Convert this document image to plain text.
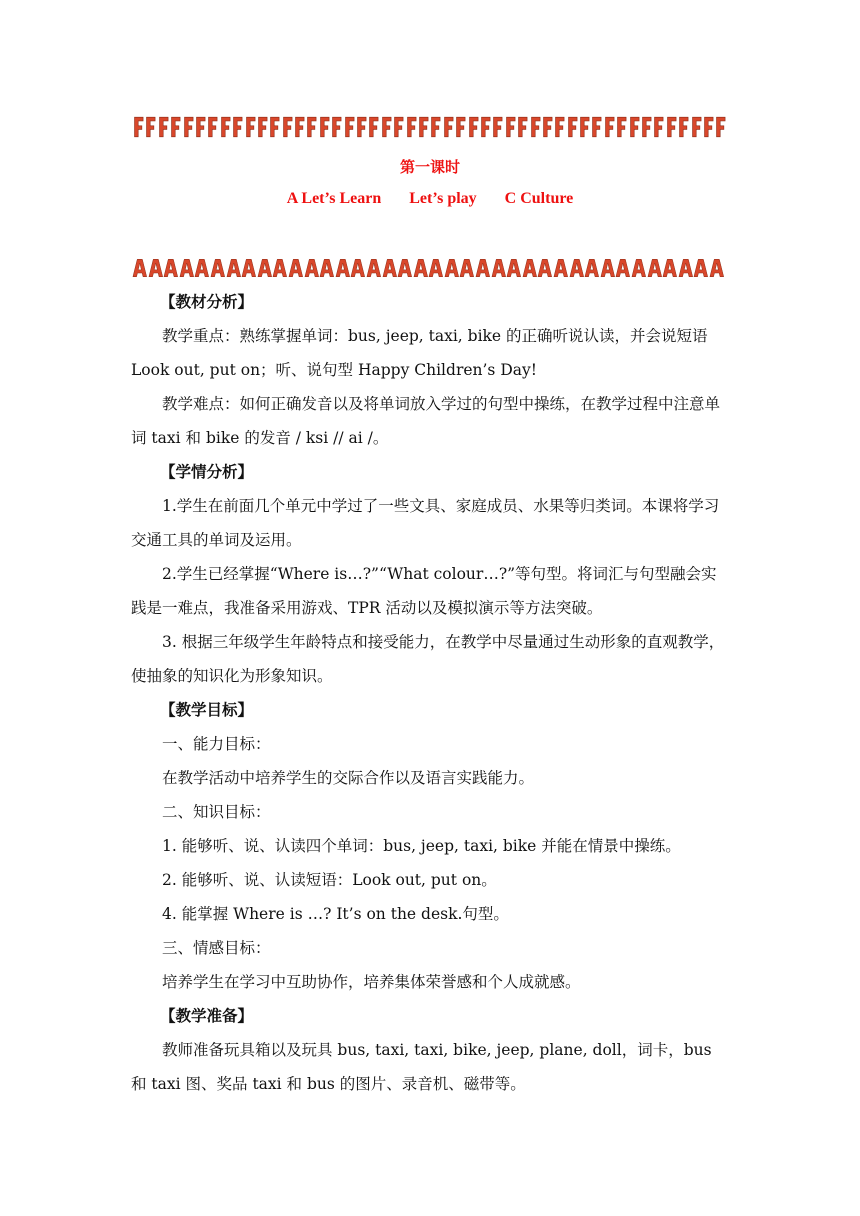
第一课时
A Let’s Learn Let’s play C Culture

【教材分析】

教学重点：熟练掌握单词：bus, jeep, taxi, bike 的正确听说认读，并会说短语 Look out, put on；听、说句型 Happy Children’s Day!

教学难点：如何正确发音以及将单词放入学过的句型中操练，在教学过程中注意单词 taxi 和 bike 的发音 / ksi // ai /。

【学情分析】

1.学生在前面几个单元中学过了一些文具、家庭成员、水果等归类词。本课将学习交通工具的单词及运用。

2.学生已经掌握“Where is…?”“What colour…?”等句型。将词汇与句型融会实践是一难点，我准备采用游戏、TPR 活动以及模拟演示等方法突破。

3. 根据三年级学生年龄特点和接受能力，在教学中尽量通过生动形象的直观教学，使抽象的知识化为形象知识。

【教学目标】

一、能力目标：

在教学活动中培养学生的交际合作以及语言实践能力。

二、知识目标：

1. 能够听、说、认读四个单词：bus, jeep, taxi, bike 并能在情景中操练。

2. 能够听、说、认读短语：Look out, put on。

4. 能掌握 Where is …? It’s on the desk.句型。

三、情感目标：

培养学生在学习中互助协作，培养集体荣誉感和个人成就感。

【教学准备】

教师准备玩具箱以及玩具 bus, taxi, taxi, bike, jeep, plane, doll，词卡，bus 和 taxi 图、奖品 taxi 和 bus 的图片、录音机、磁带等。
